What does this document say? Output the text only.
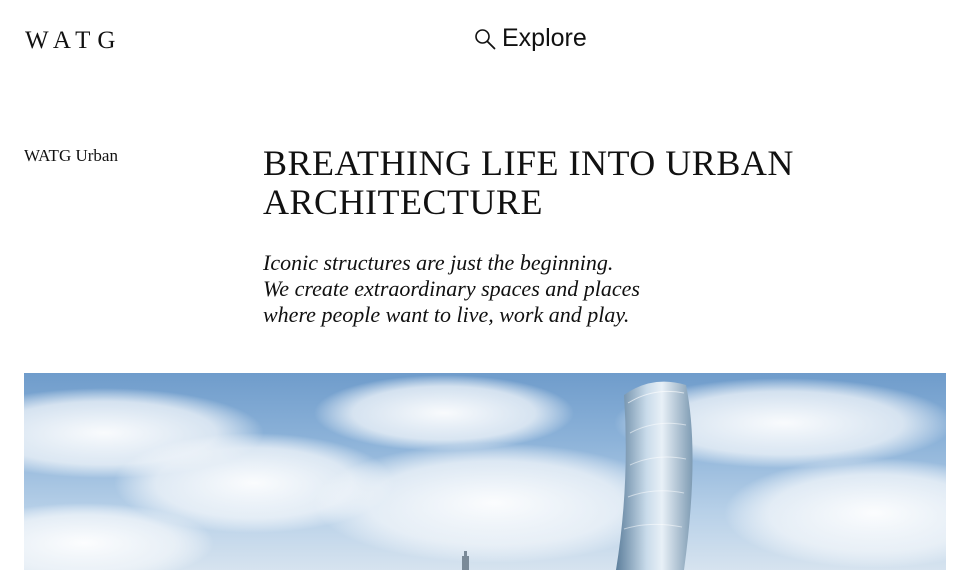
WATG	Explore
WATG Urban	BREATHING LIFE INTO URBAN ARCHITECTURE
Iconic structures are just the beginning.
We create extraordinary spaces and places
where people want to live, work and play.
